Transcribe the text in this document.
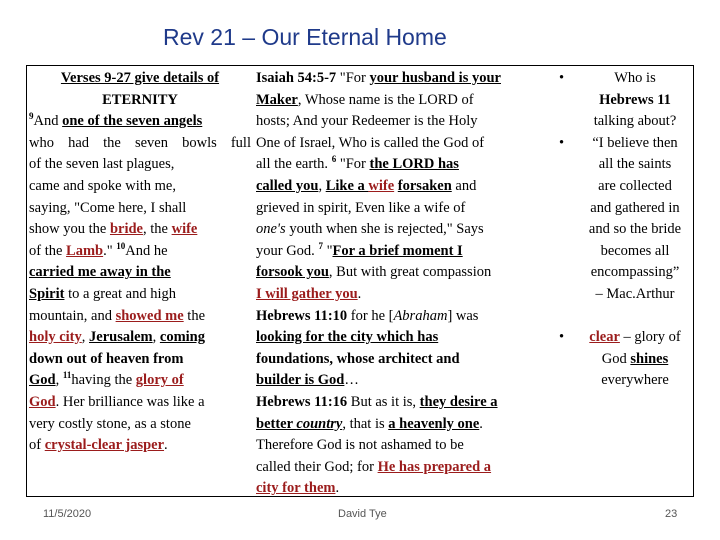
Rev 21 – Our Eternal Home
Verses 9-27 give details of
ETERNITY
$^9$And one of the seven angels
who had the seven bowls full
of the seven last plagues,
came and spoke with me,
saying, "Come here, I shall
show you the bride, the wife
of the Lamb." $^{10}$And he
carried me away in the
Spirit to a great and high
mountain, and showed me the
holy city, Jerusalem, coming
down out of heaven from
God, $^{11}$having the glory of
God. Her brilliance was like a
very costly stone, as a stone
of crystal-clear jasper.
Isaiah 54:5-7 "For your husband is your
Maker, Whose name is the LORD of
hosts; And your Redeemer is the Holy
One of Israel, Who is called the God of
all the earth. $^6$ "For the LORD has
called you, Like a wife forsaken and
grieved in spirit, Even like a wife of
one's youth when she is rejected," Says
your God. $^7$ "For a brief moment I
forsook you, But with great compassion
I will gather you.
Hebrews 11:10 for he [Abraham] was
looking for the city which has
foundations, whose architect and
builder is God…
Hebrews 11:16 But as it is, they desire a
better country, that is a heavenly one.
Therefore God is not ashamed to be
called their God; for He has prepared a
city for them.
•	Who is
Hebrews 11
talking about?
•	“I believe then
all the saints
are collected
and gathered in
and so the bride
becomes all
encompassing”
– Mac.Arthur
•	clear – glory of
God shines
everywhere
11/5/2020	David Tye	23
